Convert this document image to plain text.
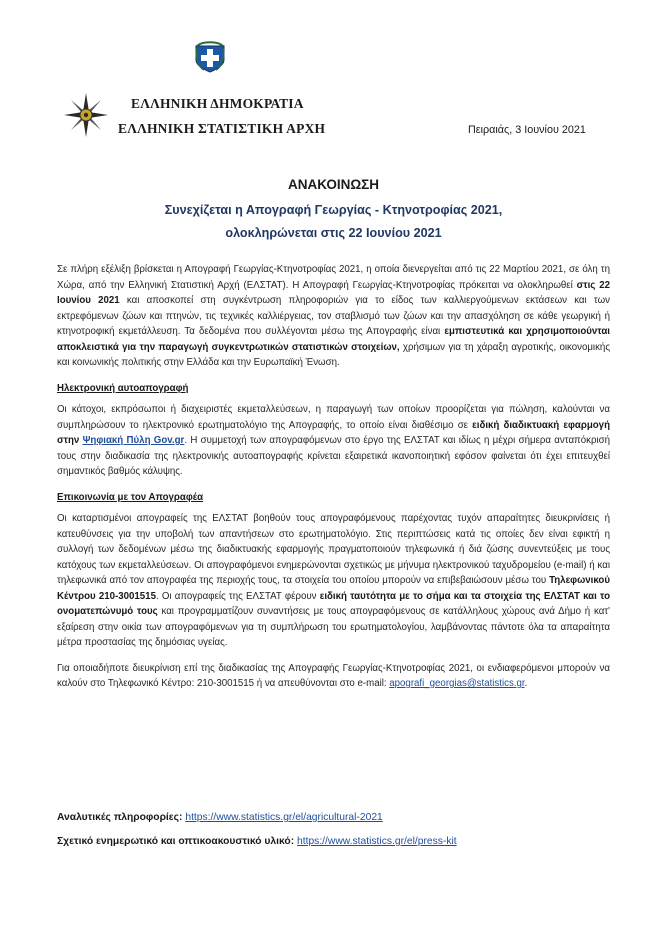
ΕΛΛΗΝΙΚΗ ΔΗΜΟΚΡΑΤΙΑ
ΕΛΛΗΝΙΚΗ ΣΤΑΤΙΣΤΙΚΗ ΑΡΧΗ	Πειραιάς, 3 Ιουνίου 2021
ΑΝΑΚΟΙΝΩΣΗ
Συνεχίζεται η Απογραφή Γεωργίας - Κτηνοτροφίας 2021,
ολοκληρώνεται στις 22 Ιουνίου 2021

Σε πλήρη εξέλιξη βρίσκεται η Απογραφή Γεωργίας-Κτηνοτροφίας 2021, η οποία διενεργείται από τις 22 Μαρτίου 2021, σε όλη τη Χώρα, από την Ελληνική Στατιστική Αρχή (ΕΛΣΤΑΤ). Η Απογραφή Γεωργίας-Κτηνοτροφίας πρόκειται να ολοκληρωθεί στις 22 Ιουνίου 2021 και αποσκοπεί στη συγκέντρωση πληροφοριών για το είδος των καλλιεργούμενων εκτάσεων και των εκτρεφόμενων ζώων και πτηνών, τις τεχνικές καλλιέργειας, τον σταβλισμό των ζώων και την απασχόληση σε κάθε γεωργική ή κτηνοτροφική εκμετάλλευση. Τα δεδομένα που συλλέγονται μέσω της Απογραφής είναι εμπιστευτικά και χρησιμοποιούνται αποκλειστικά για την παραγωγή συγκεντρωτικών στατιστικών στοιχείων, χρήσιμων για τη χάραξη αγροτικής, οικονομικής και κοινωνικής πολιτικής στην Ελλάδα και την Ευρωπαϊκή Ένωση.

Ηλεκτρονική αυτοαπογραφή

Οι κάτοχοι, εκπρόσωποι ή διαχειριστές εκμεταλλεύσεων, η παραγωγή των οποίων προορίζεται για πώληση, καλούνται να συμπληρώσουν το ηλεκτρονικό ερωτηματολόγιο της Απογραφής, το οποίο είναι διαθέσιμο σε ειδική διαδικτυακή εφαρμογή στην Ψηφιακή Πύλη Gov.gr. Η συμμετοχή των απογραφόμενων στο έργο της ΕΛΣΤΑΤ και ιδίως η μέχρι σήμερα ανταπόκρισή τους στην διαδικασία της ηλεκτρονικής αυτοαπογραφής κρίνεται εξαιρετικά ικανοποιητική εφόσον φαίνεται ότι έχει επιτευχθεί σημαντικός βαθμός κάλυψης.

Επικοινωνία με τον Απογραφέα

Οι καταρτισμένοι απογραφείς της ΕΛΣΤΑΤ βοηθούν τους απογραφόμενους παρέχοντας τυχόν απαραίτητες διευκρινίσεις ή κατευθύνσεις για την υποβολή των απαντήσεων στο ερωτηματολόγιο. Στις περιπτώσεις κατά τις οποίες δεν είναι εφικτή η συλλογή των δεδομένων μέσω της διαδικτυακής εφαρμογής πραγματοποιούν τηλεφωνικά ή διά ζώσης συνεντεύξεις με τους κατόχους των εκμεταλλεύσεων. Οι απογραφόμενοι ενημερώνονται σχετικώς με μήνυμα ηλεκτρονικού ταχυδρομείου (e-mail) ή και τηλεφωνικά από τον απογραφέα της περιοχής τους, τα στοιχεία του οποίου μπορούν να επιβεβαιώσουν μέσω του Τηλεφωνικού Κέντρου 210-3001515. Οι απογραφείς της ΕΛΣΤΑΤ φέρουν ειδική ταυτότητα με το σήμα και τα στοιχεία της ΕΛΣΤΑΤ και το ονοματεπώνυμό τους και προγραμματίζουν συναντήσεις με τους απογραφόμενους σε κατάλληλους χώρους ανά Δήμο ή κατ' εξαίρεση στην οικία των απογραφόμενων για τη συμπλήρωση του ερωτηματολογίου, λαμβάνοντας πάντοτε όλα τα απαραίτητα μέτρα προστασίας της δημόσιας υγείας.

Για οποιαδήποτε διευκρίνιση επί της διαδικασίας της Απογραφής Γεωργίας-Κτηνοτροφίας 2021, οι ενδιαφερόμενοι μπορούν να καλούν στο Τηλεφωνικό Κέντρο: 210-3001515 ή να απευθύνονται στο e-mail: apografi_georgias@statistics.gr.

Αναλυτικές πληροφορίες: https://www.statistics.gr/el/agricultural-2021
Σχετικό ενημερωτικό και οπτικοακουστικό υλικό: https://www.statistics.gr/el/press-kit
